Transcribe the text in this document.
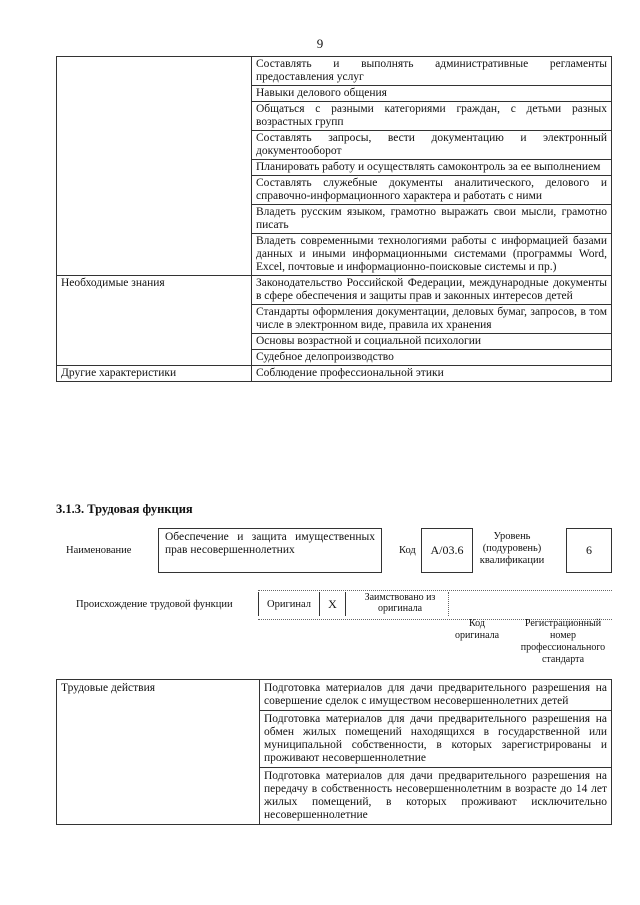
9
	Составлять и выполнять административные регламенты предоставления услуг
	Навыки делового общения
	Общаться с разными категориями граждан, с детьми разных возрастных групп
	Составлять запросы, вести документацию и электронный документооборот
	Планировать работу и осуществлять самоконтроль за ее выполнением
	Составлять служебные документы аналитического, делового и справочно-информационного характера и работать с ними
	Владеть русским языком, грамотно выражать свои мысли, грамотно писать
	Владеть современными технологиями работы с информацией базами данных и иными информационными системами (программы Word, Excel, почтовые и информационно-поисковые системы и пр.)
Необходимые знания	Законодательство Российской Федерации, международные документы в сфере обеспечения и защиты прав и законных интересов детей
	Стандарты оформления документации, деловых бумаг, запросов, в том числе в электронном виде, правила их хранения
	Основы возрастной и социальной психологии
	Судебное делопроизводство
Другие характеристики	Соблюдение профессиональной этики
3.1.3. Трудовая функция
Наименование
Обеспечение и защита имущественных прав несовершеннолетних	Код	А/03.6
Уровень (подуровень) квалификации
6
Происхождение трудовой функции	Оригинал	X	Заимствовано из оригинала
Код оригинала
Регистрационный номер профессионального стандарта
Трудовые действия	Подготовка материалов для дачи предварительного разрешения на совершение сделок с имуществом несовершеннолетних детей
Подготовка материалов для дачи предварительного разрешения на обмен жилых помещений находящихся в государственной или муниципальной собственности, в которых зарегистрированы и проживают несовершеннолетние
Подготовка материалов для дачи предварительного разрешения на передачу в собственность несовершеннолетним в возрасте до 14 лет жилых помещений, в которых проживают исключительно несовершеннолетние
